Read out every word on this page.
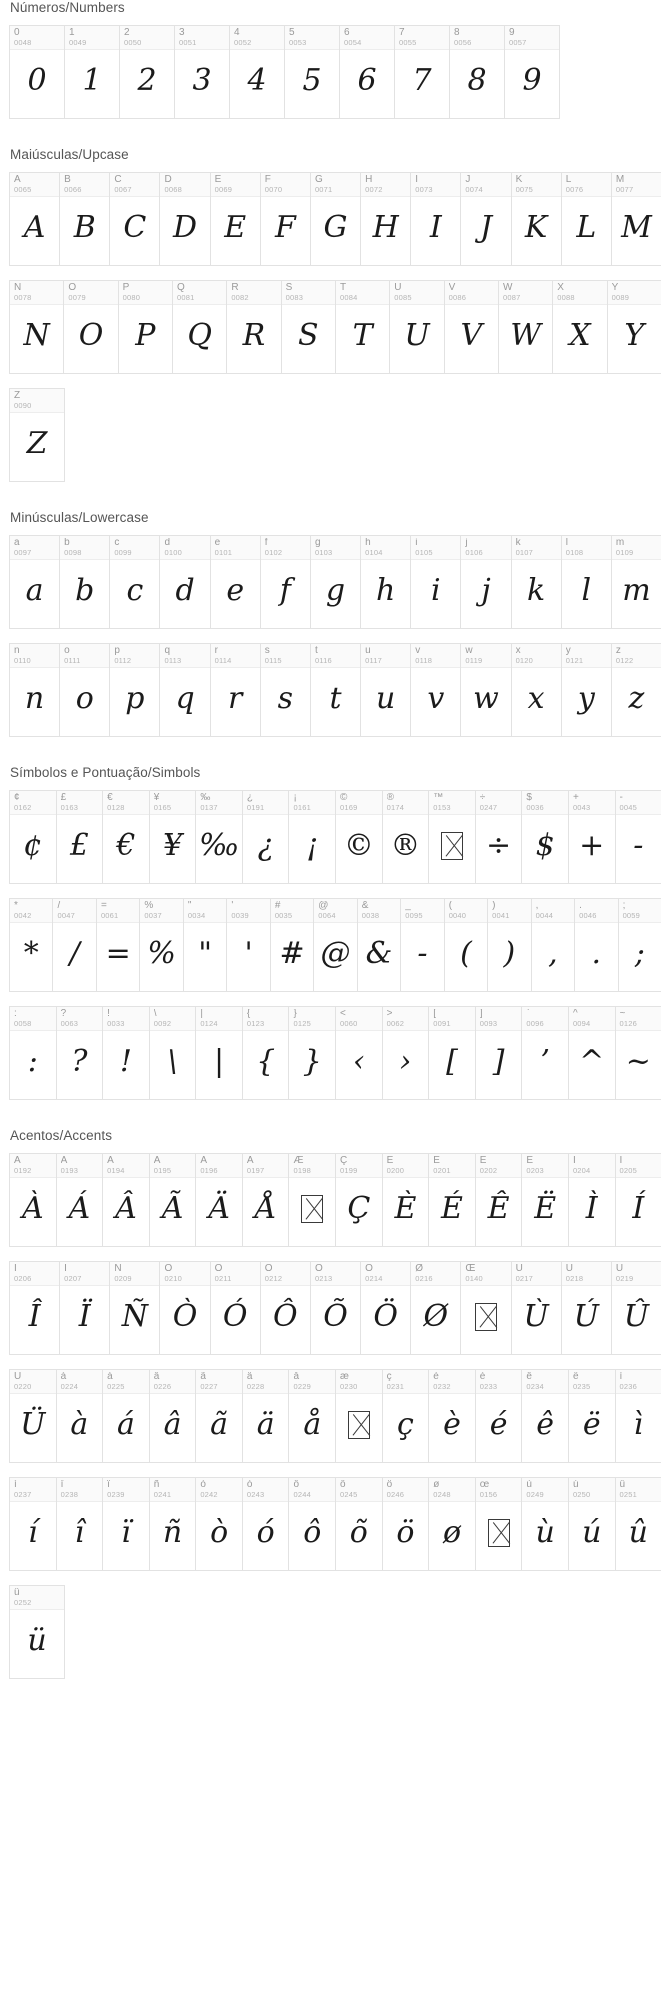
Números/Numbers
0
0048
0
1
0049
1
2
0050
2
3
0051
3
4
0052
4
5
0053
5
6
0054
6
7
0055
7
8
0056
8
9
0057
9
Maiúsculas/Upcase
A
0065
A
B
0066
B
C
0067
C
D
0068
D
E
0069
E
F
0070
F
G
0071
G
H
0072
H
I
0073
I
J
0074
J
K
0075
K
L
0076
L
M
0077
M
N
0078
N
O
0079
O
P
0080
P
Q
0081
Q
R
0082
R
S
0083
S
T
0084
T
U
0085
U
V
0086
V
W
0087
W
X
0088
X
Y
0089
Y
Z
0090
Z
Minúsculas/Lowercase
a
0097
a
b
0098
b
c
0099
c
d
0100
d
e
0101
e
f
0102
f
g
0103
g
h
0104
h
i
0105
i
j
0106
j
k
0107
k
l
0108
l
m
0109
m
n
0110
n
o
0111
o
p
0112
p
q
0113
q
r
0114
r
s
0115
s
t
0116
t
u
0117
u
v
0118
v
w
0119
w
x
0120
x
y
0121
y
z
0122
z
Símbolos e Pontuação/Simbols
¢
0162
¢
£
0163
£
€
0128
€
¥
0165
¥
‰
0137
‰
¿
0191
¿
¡
0161
¡
©
0169
©
®
0174
®
™
0153
÷
0247
÷
$
0036
$
+
0043
+
-
0045
-
*
0042
*
/
0047
/
=
0061
=
%
0037
%
"
0034
"
'
0039
'
#
0035
#
@
0064
@
&
0038
&
_
0095
-
(
0040
(
)
0041
)
,
0044
,
.
0046
.
;
0059
;
:
0058
:
?
0063
?
!
0033
!
\
0092
\
|
0124
|
{
0123
{
}
0125
}
<
0060
‹
>
0062
›
[
0091
[
]
0093
]
`
0096
’
^
0094
^
~
0126
~
Acentos/Accents
À
0192
À
Á
0193
Á
Â
0194
Â
Ã
0195
Ã
Ä
0196
Ä
Å
0197
Å
Æ
0198
Ç
0199
Ç
È
0200
È
É
0201
É
Ê
0202
Ê
Ë
0203
Ë
Ì
0204
Ì
Í
0205
Í
Î
0206
Î
Ï
0207
Ï
Ñ
0209
Ñ
Ò
0210
Ò
Ó
0211
Ó
Ô
0212
Ô
Õ
0213
Õ
Ö
0214
Ö
Ø
0216
Ø
Œ
0140
Ù
0217
Ù
Ú
0218
Ú
Û
0219
Û
Ü
0220
Ü
à
0224
à
á
0225
á
â
0226
â
ã
0227
ã
ä
0228
ä
å
0229
å
æ
0230
ç
0231
ç
è
0232
è
é
0233
é
ê
0234
ê
ë
0235
ë
ì
0236
ì
í
0237
í
î
0238
î
ï
0239
ï
ñ
0241
ñ
ò
0242
ò
ó
0243
ó
ô
0244
ô
õ
0245
õ
ö
0246
ö
ø
0248
ø
œ
0156
ù
0249
ù
ú
0250
ú
û
0251
û
ü
0252
ü
